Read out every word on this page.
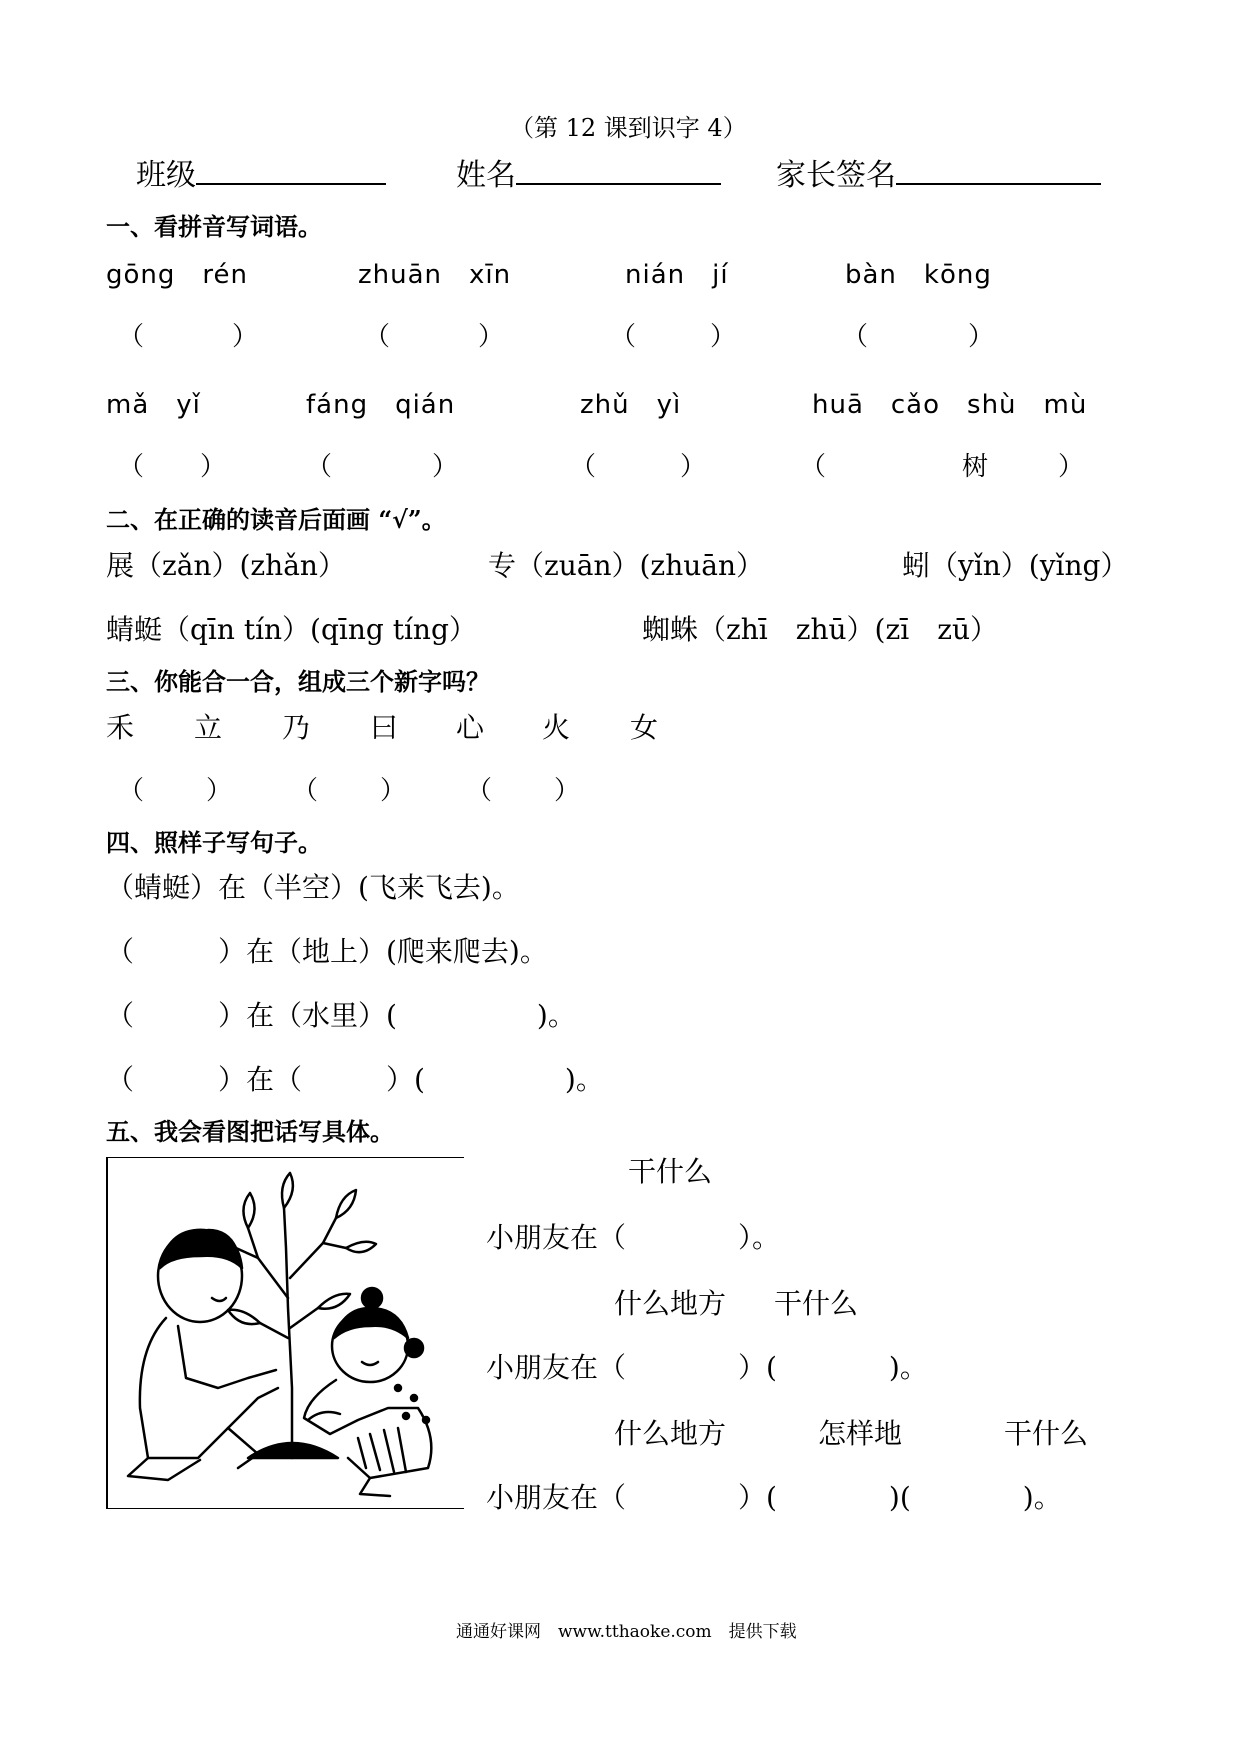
（第 12 课到识字 4）
班级	姓名	家长签名
一、看拼音写词语。
gōng　rén	zhuān　xīn	nián　jí	bàn　kōng
（	）	（	）	（	）	（	）
mǎ　yǐ	fáng　qián	zhǔ　yì	huā　cǎo　shù　mù
（ ）	（	）	（	）	（	树	）
二、在正确的读音后面画 “√”。
展（zǎn）(zhǎn）	专（zuān）(zhuān）	蚓（yǐn）(yǐng）
蜻蜓（qīn tín）(qīng tíng）	蜘蛛（zhī　zhū）(zī　zū）
三、你能合一合，组成三个新字吗？
禾 立 乃 曰 心 火 女
（ ） （ ） （ ）
四、照样子写句子。
（蜻蜓）在（半空）(飞来飞去)。
（　　　）在（地上）(爬来爬去)。
（　　　）在（水里）(　　　　　)。
（　　　）在（　　　）(　　　　　)。
五、我会看图把话写具体。
干什么
小朋友在（　　　　）。
什么地方 干什么
小朋友在（　　　　）(　　　　)。
什么地方	怎样地	干什么
小朋友在（　　　　）(　　　　)(　　　　)。
通通好课网　www.tthaoke.com　提供下载
